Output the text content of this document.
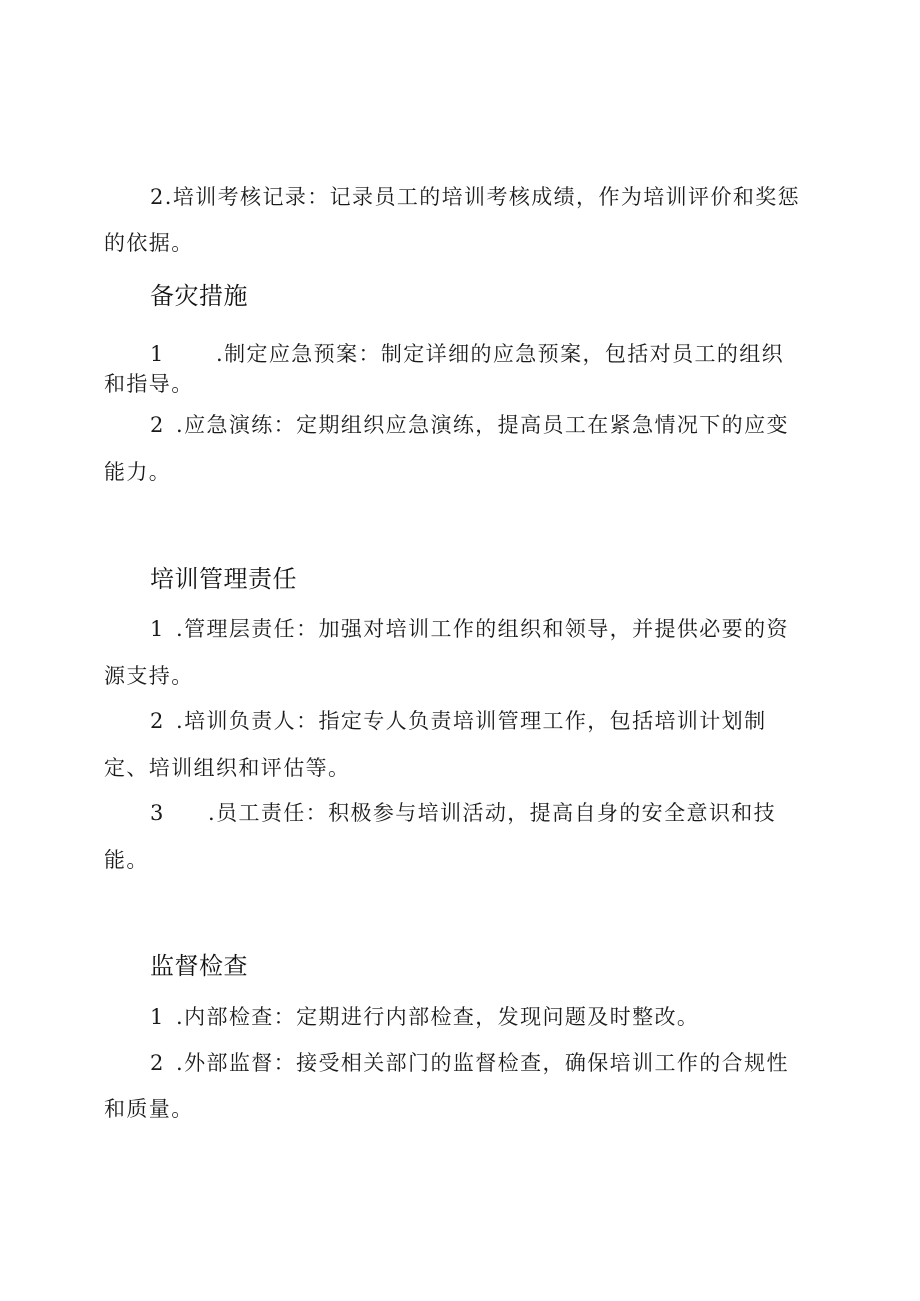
2.培训考核记录：记录员工的培训考核成绩，作为培训评价和奖惩
的依据。
备灾措施
1 .制定应急预案：制定详细的应急预案，包括对员工的组织
和指导。
2 .应急演练：定期组织应急演练，提高员工在紧急情况下的应变
能力。
培训管理责任
1 .管理层责任：加强对培训工作的组织和领导，并提供必要的资
源支持。
2 .培训负责人：指定专人负责培训管理工作，包括培训计划制
定、培训组织和评估等。
3 .员工责任：积极参与培训活动，提高自身的安全意识和技
能。
监督检查
1 .内部检查：定期进行内部检查，发现问题及时整改。
2 .外部监督：接受相关部门的监督检查，确保培训工作的合规性
和质量。
